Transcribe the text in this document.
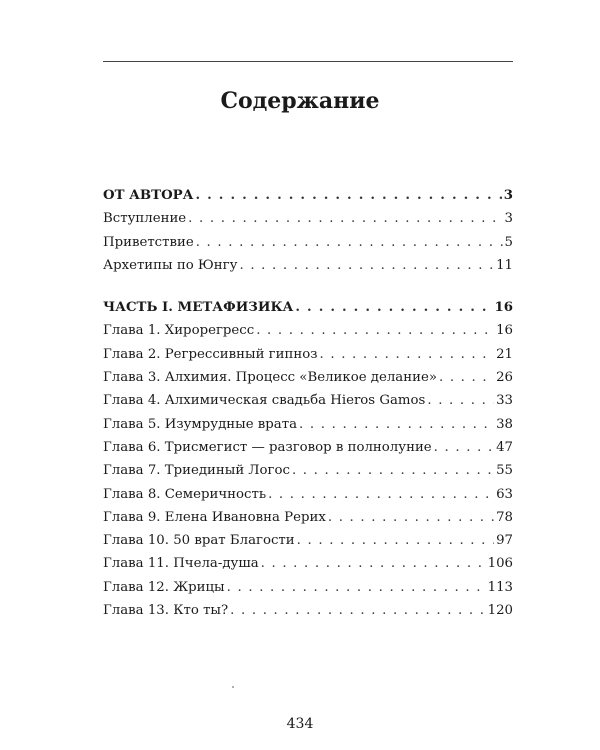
Содержание
ОТ АВТОРА . . .	3
Вступление . . .	3
Приветствие . . .	5
Архетипы по Юнгу . . .	11
ЧАСТЬ I. МЕТАФИЗИКА . . .	16
Глава 1. Хирорегресс . . .	16
Глава 2. Регрессивный гипноз . . .	21
Глава 3. Алхимия. Процесс «Великое делание» . . .	26
Глава 4. Алхимическая свадьба Hieros Gamos . . .	33
Глава 5. Изумрудные врата . . .	38
Глава 6. Трисмегист — разговор в полнолуние . . .	47
Глава 7. Триединый Логос . . .	55
Глава 8. Семеричность . . .	63
Глава 9. Елена Ивановна Рерих . . .	78
Глава 10. 50 врат Благости . . .	97
Глава 11. Пчела-душа . . .	106
Глава 12. Жрицы . . .	113
Глава 13. Кто ты? . . .	120
434
